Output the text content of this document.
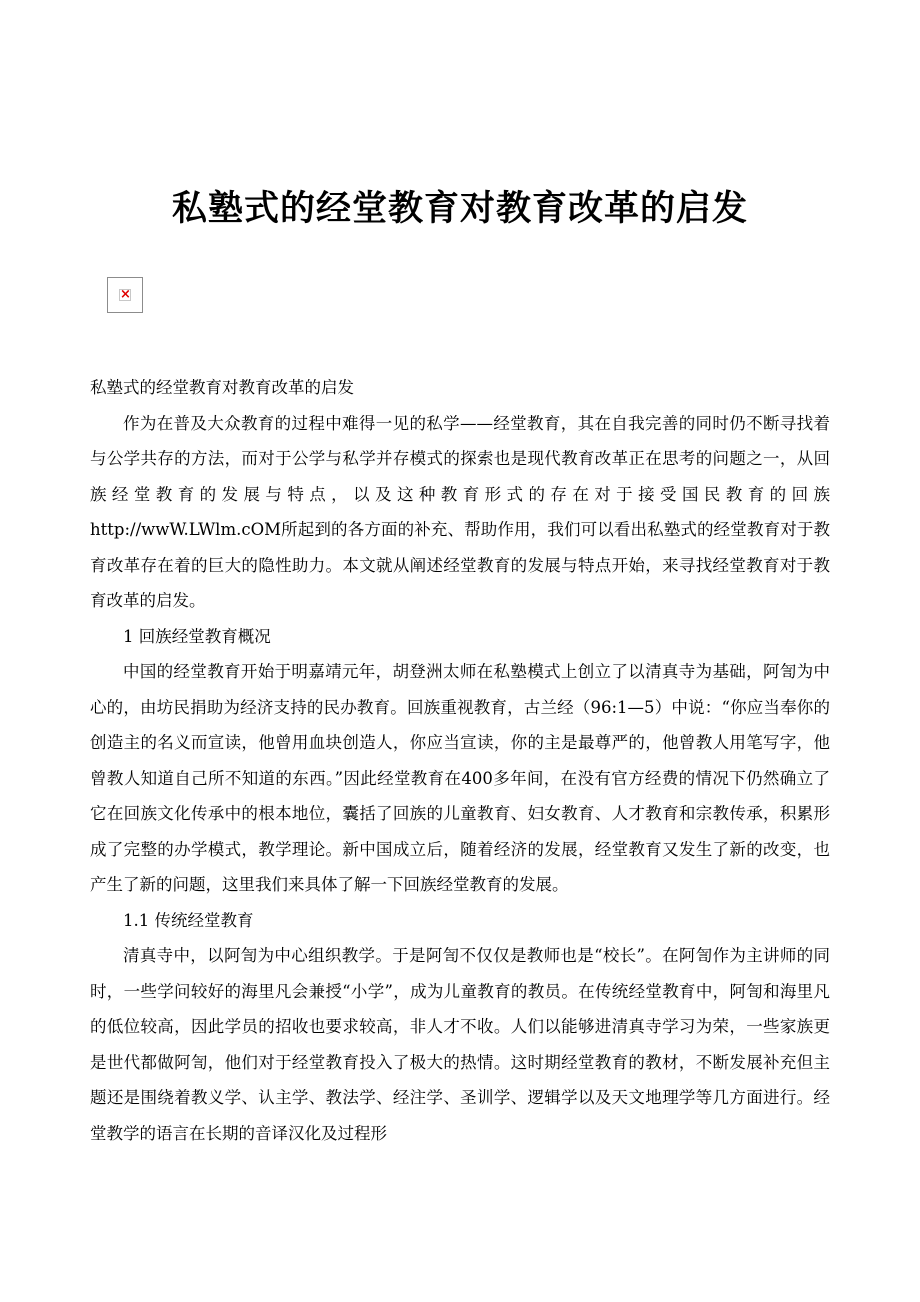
私塾式的经堂教育对教育改革的启发
×

私塾式的经堂教育对教育改革的启发

作为在普及大众教育的过程中难得一见的私学——经堂教育，其在自我完善的同时仍不断寻找着与公学共存的方法，而对于公学与私学并存模式的探索也是现代教育改革正在思考的问题之一，从回族经堂教育的发展与特点，以及这种教育形式的存在对于接受国民教育的回族http://wwW.LWlm.cOM所起到的各方面的补充、帮助作用，我们可以看出私塾式的经堂教育对于教育改革存在着的巨大的隐性助力。本文就从阐述经堂教育的发展与特点开始，来寻找经堂教育对于教育改革的启发。

1 回族经堂教育概况

中国的经堂教育开始于明嘉靖元年，胡登洲太师在私塾模式上创立了以清真寺为基础，阿訇为中心的，由坊民捐助为经济支持的民办教育。回族重视教育，古兰经（96:1—5）中说：“你应当奉你的创造主的名义而宣读，他曾用血块创造人，你应当宣读，你的主是最尊严的，他曾教人用笔写字，他曾教人知道自己所不知道的东西。”因此经堂教育在400多年间，在没有官方经费的情况下仍然确立了它在回族文化传承中的根本地位，囊括了回族的儿童教育、妇女教育、人才教育和宗教传承，积累形成了完整的办学模式，教学理论。新中国成立后，随着经济的发展，经堂教育又发生了新的改变，也产生了新的问题，这里我们来具体了解一下回族经堂教育的发展。

1.1 传统经堂教育

清真寺中，以阿訇为中心组织教学。于是阿訇不仅仅是教师也是“校长”。在阿訇作为主讲师的同时，一些学问较好的海里凡会兼授“小学”，成为儿童教育的教员。在传统经堂教育中，阿訇和海里凡的低位较高，因此学员的招收也要求较高，非人才不收。人们以能够进清真寺学习为荣，一些家族更是世代都做阿訇，他们对于经堂教育投入了极大的热情。这时期经堂教育的教材，不断发展补充但主题还是围绕着教义学、认主学、教法学、经注学、圣训学、逻辑学以及天文地理学等几方面进行。经堂教学的语言在长期的音译汉化及过程形
